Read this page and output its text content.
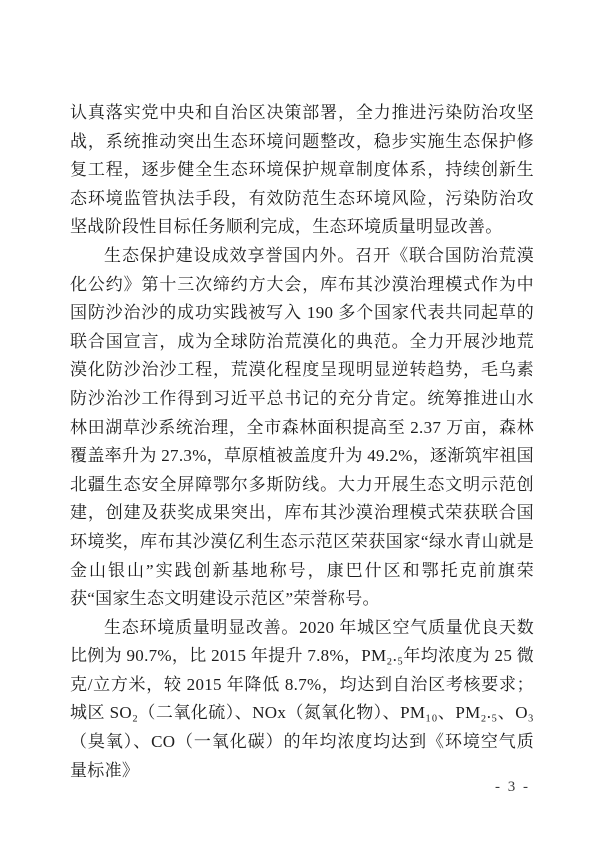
认真落实党中央和自治区决策部署，全力推进污染防治攻坚战，系统推动突出生态环境问题整改，稳步实施生态保护修复工程，逐步健全生态环境保护规章制度体系，持续创新生态环境监管执法手段，有效防范生态环境风险，污染防治攻坚战阶段性目标任务顺利完成，生态环境质量明显改善。

生态保护建设成效享誉国内外。召开《联合国防治荒漠化公约》第十三次缔约方大会，库布其沙漠治理模式作为中国防沙治沙的成功实践被写入 190 多个国家代表共同起草的联合国宣言，成为全球防治荒漠化的典范。全力开展沙地荒漠化防沙治沙工程，荒漠化程度呈现明显逆转趋势，毛乌素防沙治沙工作得到习近平总书记的充分肯定。统筹推进山水林田湖草沙系统治理，全市森林面积提高至 2.37 万亩，森林覆盖率升为 27.3%，草原植被盖度升为 49.2%，逐渐筑牢祖国北疆生态安全屏障鄂尔多斯防线。大力开展生态文明示范创建，创建及获奖成果突出，库布其沙漠治理模式荣获联合国环境奖，库布其沙漠亿利生态示范区荣获国家“绿水青山就是金山银山”实践创新基地称号，康巴什区和鄂托克前旗荣获“国家生态文明建设示范区”荣誉称号。

生态环境质量明显改善。2020 年城区空气质量优良天数比例为 90.7%，比 2015 年提升 7.8%，PM₂.₅年均浓度为 25 微克/立方米，较 2015 年降低 8.7%，均达到自治区考核要求；城区 SO₂（二氧化硫）、NOx（氮氧化物）、PM₁₀、PM₂.₅、O₃（臭氧）、CO（一氧化碳）的年均浓度均达到《环境空气质量标准》

- 3 -
